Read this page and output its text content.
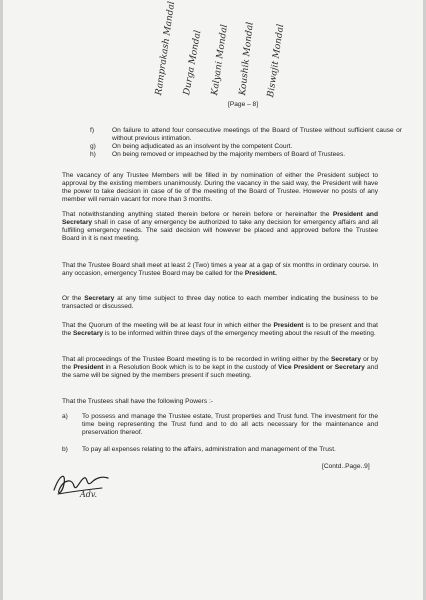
Ramprakash Mandal Durga Mondal Kalyani Mondal Koushik Mondal Biswajit Mondal
[Page – 8]
f)	On failure to attend four consecutive meetings of the Board of Trustee without sufficient cause or without previous intimation.
g)	On being adjudicated as an insolvent by the competent Court.
h)	On being removed or impeached by the majority members of Board of Trustees.
The vacancy of any Trustee Members will be filled in by nomination of either the President subject to approval by the existing members unanimously. During the vacancy in the said way, the President will have the power to take decision in case of tie of the meeting of the Board of Trustee. However no posts of any member will remain vacant for more than 3 months.
That notwithstanding anything stated therein before or herein before or hereinafter the President and Secretary shall in case of any emergency be authorized to take any decision for emergency affairs and all fulfilling emergency needs. The said decision will however be placed and approved before the Trustee Board in it is next meeting.
That the Trustee Board shall meet at least 2 (Two) times a year at a gap of six months in ordinary course. In any occasion, emergency Trustee Board may be called for the President.
Or the Secretary at any time subject to three day notice to each member indicating the business to be transacted or discussed.
That the Quorum of the meeting will be at least four in which either the President is to be present and that the Secretary is to be informed within three days of the emergency meeting about the result of the meeting.
That all proceedings of the Trustee Board meeting is to be recorded in writing either by the Secretary or by the President in a Resolution Book which is to be kept in the custody of Vice President or Secretary and the same will be signed by the members present if such meeting.
That the Trustees shall have the following Powers :-
a)	To possess and manage the Trustee estate, Trust properties and Trust fund. The investment for the time being representing the Trust fund and to do all acts necessary for the maintenance and preservation thereof.
b)	To pay all expenses relating to the affairs, administration and management of the Trust.
[Contd..Page..9]
Adv.
